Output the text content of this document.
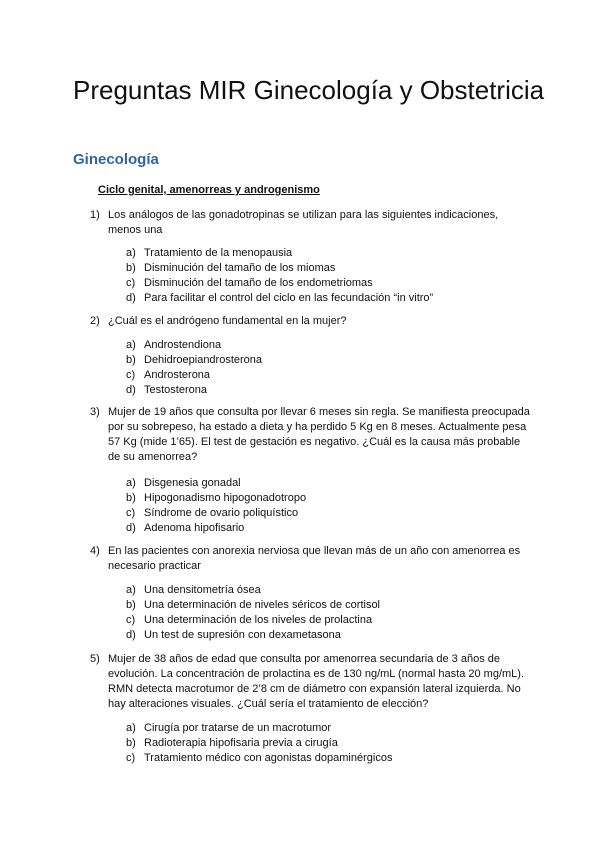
Preguntas MIR Ginecología y Obstetricia
Ginecología
Ciclo genital, amenorreas y androgenismo
1) Los análogos de las gonadotropinas se utilizan para las siguientes indicaciones, menos una
a) Tratamiento de la menopausia
b) Disminución del tamaño de los miomas
c) Disminución del tamaño de los endometriomas
d) Para facilitar el control del ciclo en las fecundación “in vitro”
2) ¿Cuál es el andrógeno fundamental en la mujer?
a) Androstendiona
b) Dehidroepiandrosterona
c) Androsterona
d) Testosterona
3) Mujer de 19 años que consulta por llevar 6 meses sin regla. Se manifiesta preocupada por su sobrepeso, ha estado a dieta y ha perdido 5 Kg en 8 meses. Actualmente pesa 57 Kg (mide 1’65). El test de gestación es negativo. ¿Cuál es la causa más probable de su amenorrea?
a) Disgenesia gonadal
b) Hipogonadismo hipogonadotropo
c) Síndrome de ovario poliquístico
d) Adenoma hipofisario
4) En las pacientes con anorexia nerviosa que llevan más de un año con amenorrea es necesario practicar
a) Una densitometría ósea
b) Una determinación de niveles séricos de cortisol
c) Una determinación de los niveles de prolactina
d) Un test de supresión con dexametasona
5) Mujer de 38 años de edad que consulta por amenorrea secundaria de 3 años de evolución. La concentración de prolactina es de 130 ng/mL (normal hasta 20 mg/mL). RMN detecta macrotumor de 2’8 cm de diámetro con expansión lateral izquierda. No hay alteraciones visuales. ¿Cuál sería el tratamiento de elección?
a) Cirugía por tratarse de un macrotumor
b) Radioterapia hipofisaria previa a cirugía
c) Tratamiento médico con agonistas dopaminérgicos
